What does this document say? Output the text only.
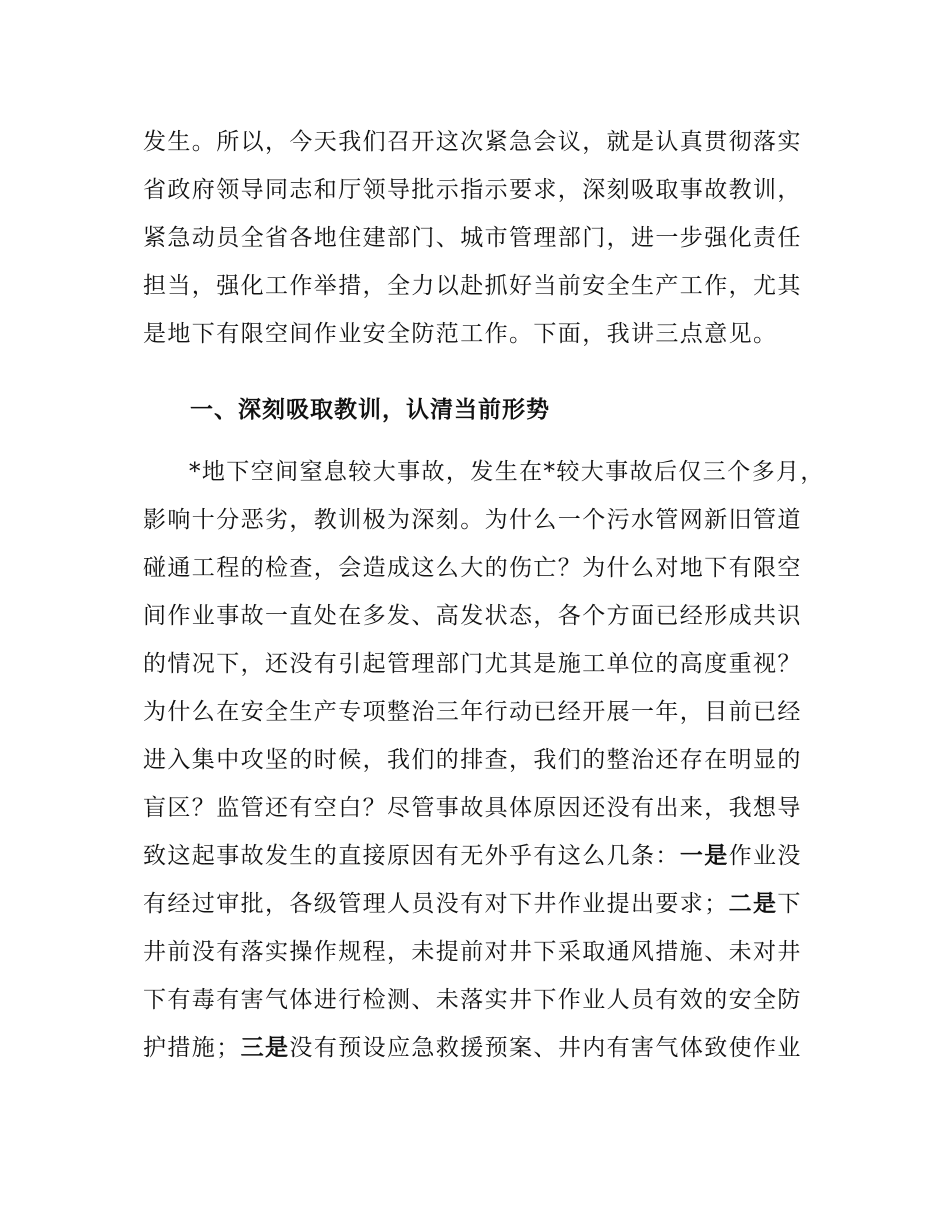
发生。所以，今天我们召开这次紧急会议，就是认真贯彻落实
省政府领导同志和厅领导批示指示要求，深刻吸取事故教训，
紧急动员全省各地住建部门、城市管理部门，进一步强化责任
担当，强化工作举措，全力以赴抓好当前安全生产工作，尤其
是地下有限空间作业安全防范工作。下面，我讲三点意见。
一、深刻吸取教训，认清当前形势
*地下空间窒息较大事故，发生在*较大事故后仅三个多月，
影响十分恶劣，教训极为深刻。为什么一个污水管网新旧管道
碰通工程的检查，会造成这么大的伤亡？为什么对地下有限空
间作业事故一直处在多发、高发状态，各个方面已经形成共识
的情况下，还没有引起管理部门尤其是施工单位的高度重视？
为什么在安全生产专项整治三年行动已经开展一年，目前已经
进入集中攻坚的时候，我们的排查，我们的整治还存在明显的
盲区？监管还有空白？尽管事故具体原因还没有出来，我想导
致这起事故发生的直接原因有无外乎有这么几条：一是作业没
有经过审批，各级管理人员没有对下井作业提出要求；二是下
井前没有落实操作规程，未提前对井下采取通风措施、未对井
下有毒有害气体进行检测、未落实井下作业人员有效的安全防
护措施；三是没有预设应急救援预案、井内有害气体致使作业
